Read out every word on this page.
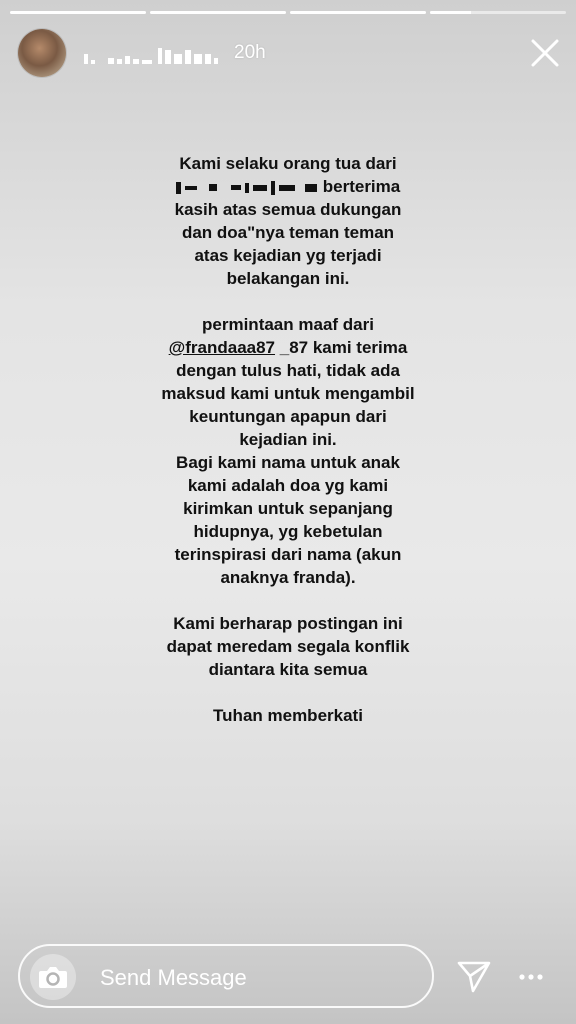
20h

Kami selaku orang tua dari

berterima

kasih atas semua dukungan

dan doa"nya teman teman

atas kejadian yg terjadi

belakangan ini.

permintaan maaf dari

@frandaaa87 _87 kami terima

dengan tulus hati, tidak ada

maksud kami untuk mengambil

keuntungan apapun dari

kejadian ini.

Bagi kami nama untuk anak

kami adalah doa yg kami

kirimkan untuk sepanjang

hidupnya, yg kebetulan

terinspirasi dari nama (akun

anaknya franda).

Kami berharap postingan ini

dapat meredam segala konflik

diantara kita semua

Tuhan memberkati

Send Message
